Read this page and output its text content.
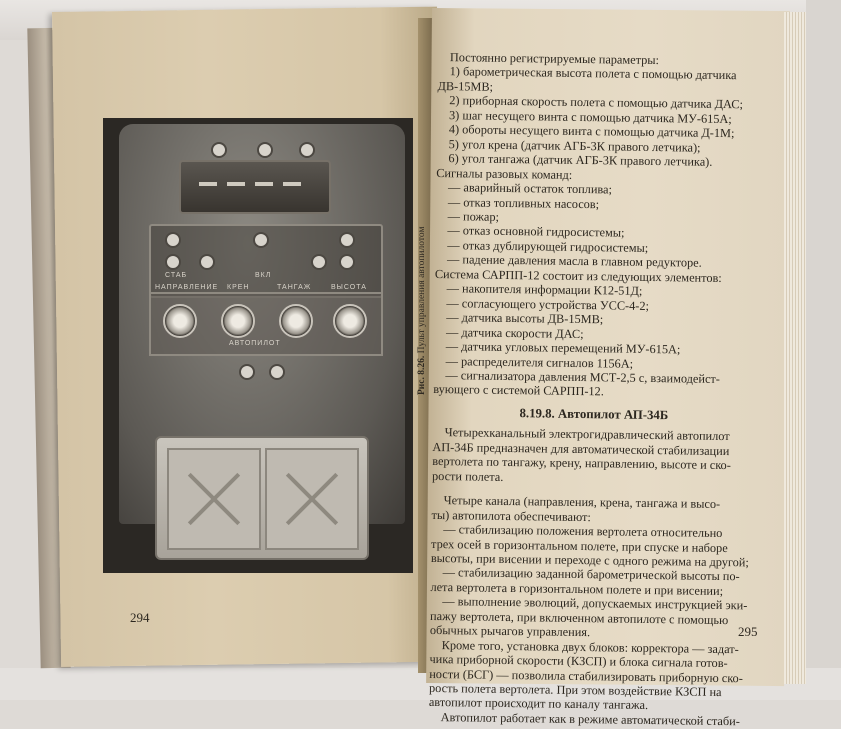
СТАБ	ВКЛ
НАПРАВЛЕНИЕ КРЕН	ТАНГАЖ	ВЫСОТА
АВТОПИЛОТ
Рис. 8.26. Пульт управления автопилотом
294
295
Постоянно регистрируемые параметры:
1) барометрическая высота полета с помощью датчика
ДВ-15МВ;
2) приборная скорость полета с помощью датчика ДАС;
3) шаг несущего винта с помощью датчика МУ-615А;
4) обороты несущего винта с помощью датчика Д-1М;
5) угол крена (датчик АГБ-3К правого летчика);
6) угол тангажа (датчик АГБ-3К правого летчика).
Сигналы разовых команд:
— аварийный остаток топлива;
— отказ топливных насосов;
— пожар;
— отказ основной гидросистемы;
— отказ дублирующей гидросистемы;
— падение давления масла в главном редукторе.
Система САРПП-12 состоит из следующих элементов:
— накопителя информации К12-51Д;
— согласующего устройства УСС-4-2;
— датчика высоты ДВ-15МВ;
— датчика скорости ДАС;
— датчика угловых перемещений МУ-615А;
— распределителя сигналов 1156А;
— сигнализатора давления МСТ-2,5 с, взаимодейст-
вующего с системой САРПП-12.
8.19.8. Автопилот АП-34Б
Четырехканальный электрогидравлический автопилот
АП-34Б предназначен для автоматической стабилизации
вертолета по тангажу, крену, направлению, высоте и ско-
рости полета.
Четыре канала (направления, крена, тангажа и высо-
ты) автопилота обеспечивают:
— стабилизацию положения вертолета относительно
трех осей в горизонтальном полете, при спуске и наборе
высоты, при висении и переходе с одного режима на другой;
— стабилизацию заданной барометрической высоты по-
лета вертолета в горизонтальном полете и при висении;
— выполнение эволюций, допускаемых инструкцией эки-
пажу вертолета, при включенном автопилоте с помощью
обычных рычагов управления.
Кроме того, установка двух блоков: корректора — задат-
чика приборной скорости (КЗСП) и блока сигнала готов-
ности (БСГ) — позволила стабилизировать приборную ско-
рость полета вертолета. При этом воздействие КЗСП на
автопилот происходит по каналу тангажа.
Автопилот работает как в режиме автоматической стаби-
